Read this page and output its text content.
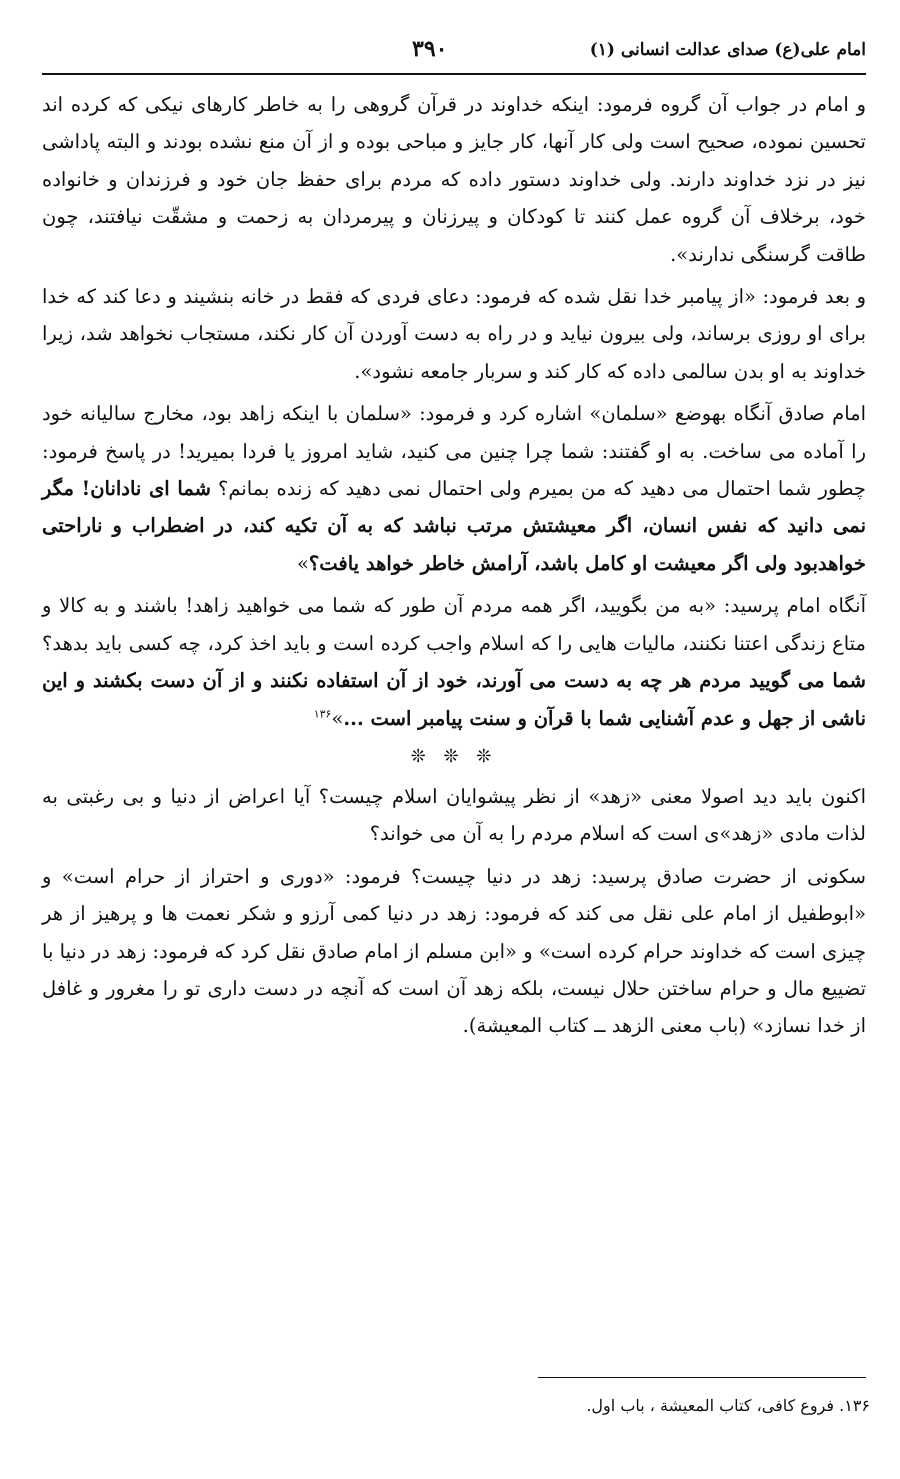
امام علی(ع) صدای عدالت انسانی (۱)
۳۹۰

و امام در جواب آن گروه فرمود: اینکه خداوند در قرآن گروهی را به خاطر کارهای نیکی که کرده اند تحسین نموده، صحیح است ولی کار آنها، کار جایز و مباحی بوده و از آن منع نشده بودند و البته پاداشی نیز در نزد خداوند دارند. ولی خداوند دستور داده که مردم برای حفظ جان خود و فرزندان و خانواده خود، برخلاف آن گروه عمل کنند تا کودکان و پیرزنان و پیرمردان به زحمت و مشقّت نیافتند، چون طاقت گرسنگی ندارند».

و بعد فرمود: «از پیامبر خدا نقل شده که فرمود: دعای فردی که فقط در خانه بنشیند و دعا کند که خدا برای او روزی برساند، ولی بیرون نیاید و در راه به دست آوردن آن کار نکند، مستجاب نخواهد شد، زیرا خداوند به او بدن سالمی داده که کار کند و سربار جامعه نشود».

امام صادق آنگاه بهوضع «سلمان» اشاره کرد و فرمود: «سلمان با اینکه زاهد بود، مخارج سالیانه خود را آماده می ساخت. به او گفتند: شما چرا چنین می کنید، شاید امروز یا فردا بمیرید! در پاسخ فرمود: چطور شما احتمال می دهید که من بمیرم ولی احتمال نمی دهید که زنده بمانم؟ شما ای نادانان! مگر نمی دانید که نفس انسان، اگر معیشتش مرتب نباشد که به آن تکیه کند، در اضطراب و ناراحتی خواهدبود ولی اگر معیشت او کامل باشد، آرامش خاطر خواهد یافت؟»

آنگاه امام پرسید: «به من بگویید، اگر همه مردم آن طور که شما می خواهید زاهد! باشند و به کالا و متاع زندگی اعتنا نکنند، مالیات هایی را که اسلام واجب کرده است و باید اخذ کرد، چه کسی باید بدهد؟ شما می گویید مردم هر چه به دست می آورند، خود از آن استفاده نکنند و از آن دست بکشند و این ناشی از جهل و عدم آشنایی شما با قرآن و سنت پیامبر است ...»$^{۱۳۶}$

❊ ❊ ❊

اکنون باید دید اصولا معنی «زهد» از نظر پیشوایان اسلام چیست؟ آیا اعراض از دنیا و بی رغبتی به لذات مادی «زهد»ی است که اسلام مردم را به آن می خواند؟

سکونی از حضرت صادق پرسید: زهد در دنیا چیست؟ فرمود: «دوری و احتراز از حرام است» و «ابوطفیل از امام علی نقل می کند که فرمود: زهد در دنیا کمی آرزو و شکر نعمت ها و پرهیز از هر چیزی است که خداوند حرام کرده است» و «ابن مسلم از امام صادق نقل کرد که فرمود: زهد در دنیا با تضییع مال و حرام ساختن حلال نیست، بلکه زهد آن است که آنچه در دست داری تو را مغرور و غافل از خدا نسازد» (باب معنی الزهد ــ کتاب المعیشة).

۱۳۶. فروع کافی، کتاب المعیشة ، باب اول.
